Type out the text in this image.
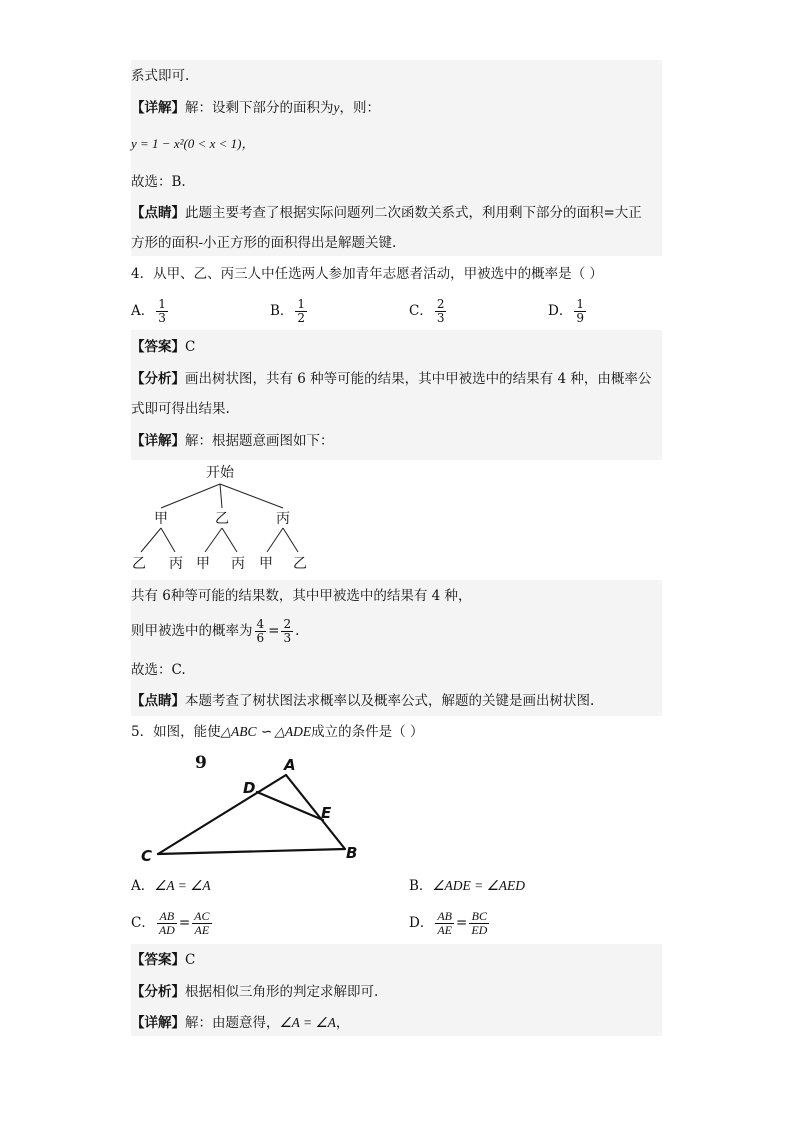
系式即可.
【详解】解：设剩下部分的面积为y，则：
y = 1 − x²(0 < x < 1)，
故选：B.
【点睛】此题主要考查了根据实际问题列二次函数关系式，利用剩下部分的面积=大正
方形的面积-小正方形的面积得出是解题关键.
4．从甲、乙、丙三人中任选两人参加青年志愿者活动，甲被选中的概率是（ ）
A． $\frac{1}{3}$	B． $\frac{1}{2}$	C． $\frac{2}{3}$	D． $\frac{1}{9}$
【答案】C
【分析】画出树状图，共有 6 种等可能的结果，其中甲被选中的结果有 4 种，由概率公
式即可得出结果.
【详解】解：根据题意画图如下：
开始
甲	乙	丙
乙 丙 甲 丙 甲 乙
共有 6种等可能的结果数，其中甲被选中的结果有 4 种，
则甲被选中的概率为 $\frac{4}{6} = \frac{2}{3}$ .
故选：C.
【点睛】本题考查了树状图法求概率以及概率公式，解题的关键是画出树状图.
5．如图，能使△ABC ∽ △ADE成立的条件是（ ）
9	A
D
E
C	B
A．∠A = ∠A	B．∠ADE = ∠AED
C． $\frac{AB}{AD} = \frac{AC}{AE}$	D． $\frac{AB}{AE} = \frac{BC}{ED}$
【答案】C
【分析】根据相似三角形的判定求解即可.
【详解】解：由题意得，∠A = ∠A，
